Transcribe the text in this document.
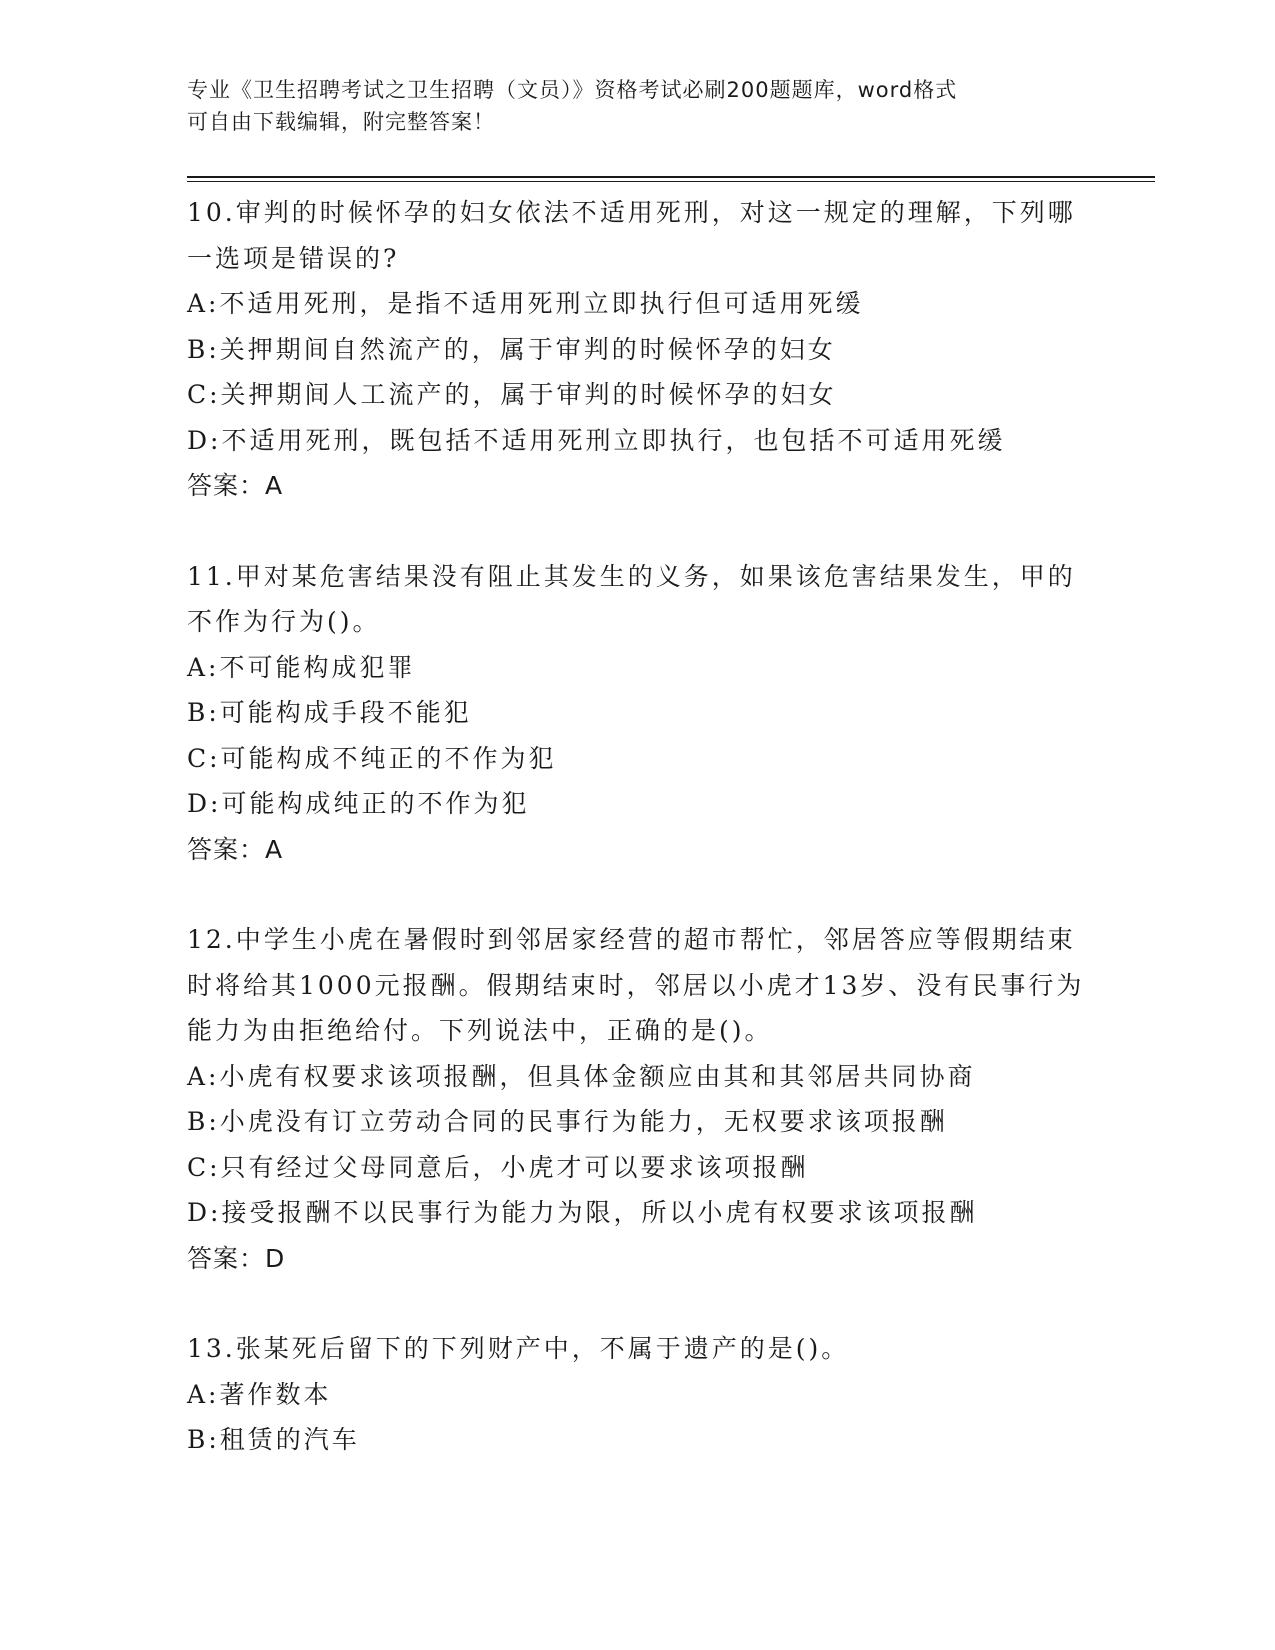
专业《卫生招聘考试之卫生招聘（文员）》资格考试必刷200题题库，word格式
可自由下载编辑，附完整答案！

10.审判的时候怀孕的妇女依法不适用死刑，对这一规定的理解，下列哪一选项是错误的?

A:不适用死刑，是指不适用死刑立即执行但可适用死缓

B:关押期间自然流产的，属于审判的时候怀孕的妇女

C:关押期间人工流产的，属于审判的时候怀孕的妇女

D:不适用死刑，既包括不适用死刑立即执行，也包括不可适用死缓

答案：A

11.甲对某危害结果没有阻止其发生的义务，如果该危害结果发生，甲的不作为行为()。

A:不可能构成犯罪

B:可能构成手段不能犯

C:可能构成不纯正的不作为犯

D:可能构成纯正的不作为犯

答案：A

12.中学生小虎在暑假时到邻居家经营的超市帮忙，邻居答应等假期结束时将给其1000元报酬。假期结束时，邻居以小虎才13岁、没有民事行为能力为由拒绝给付。下列说法中，正确的是()。

A:小虎有权要求该项报酬，但具体金额应由其和其邻居共同协商

B:小虎没有订立劳动合同的民事行为能力，无权要求该项报酬

C:只有经过父母同意后，小虎才可以要求该项报酬

D:接受报酬不以民事行为能力为限，所以小虎有权要求该项报酬

答案：D

13.张某死后留下的下列财产中，不属于遗产的是()。

A:著作数本

B:租赁的汽车
